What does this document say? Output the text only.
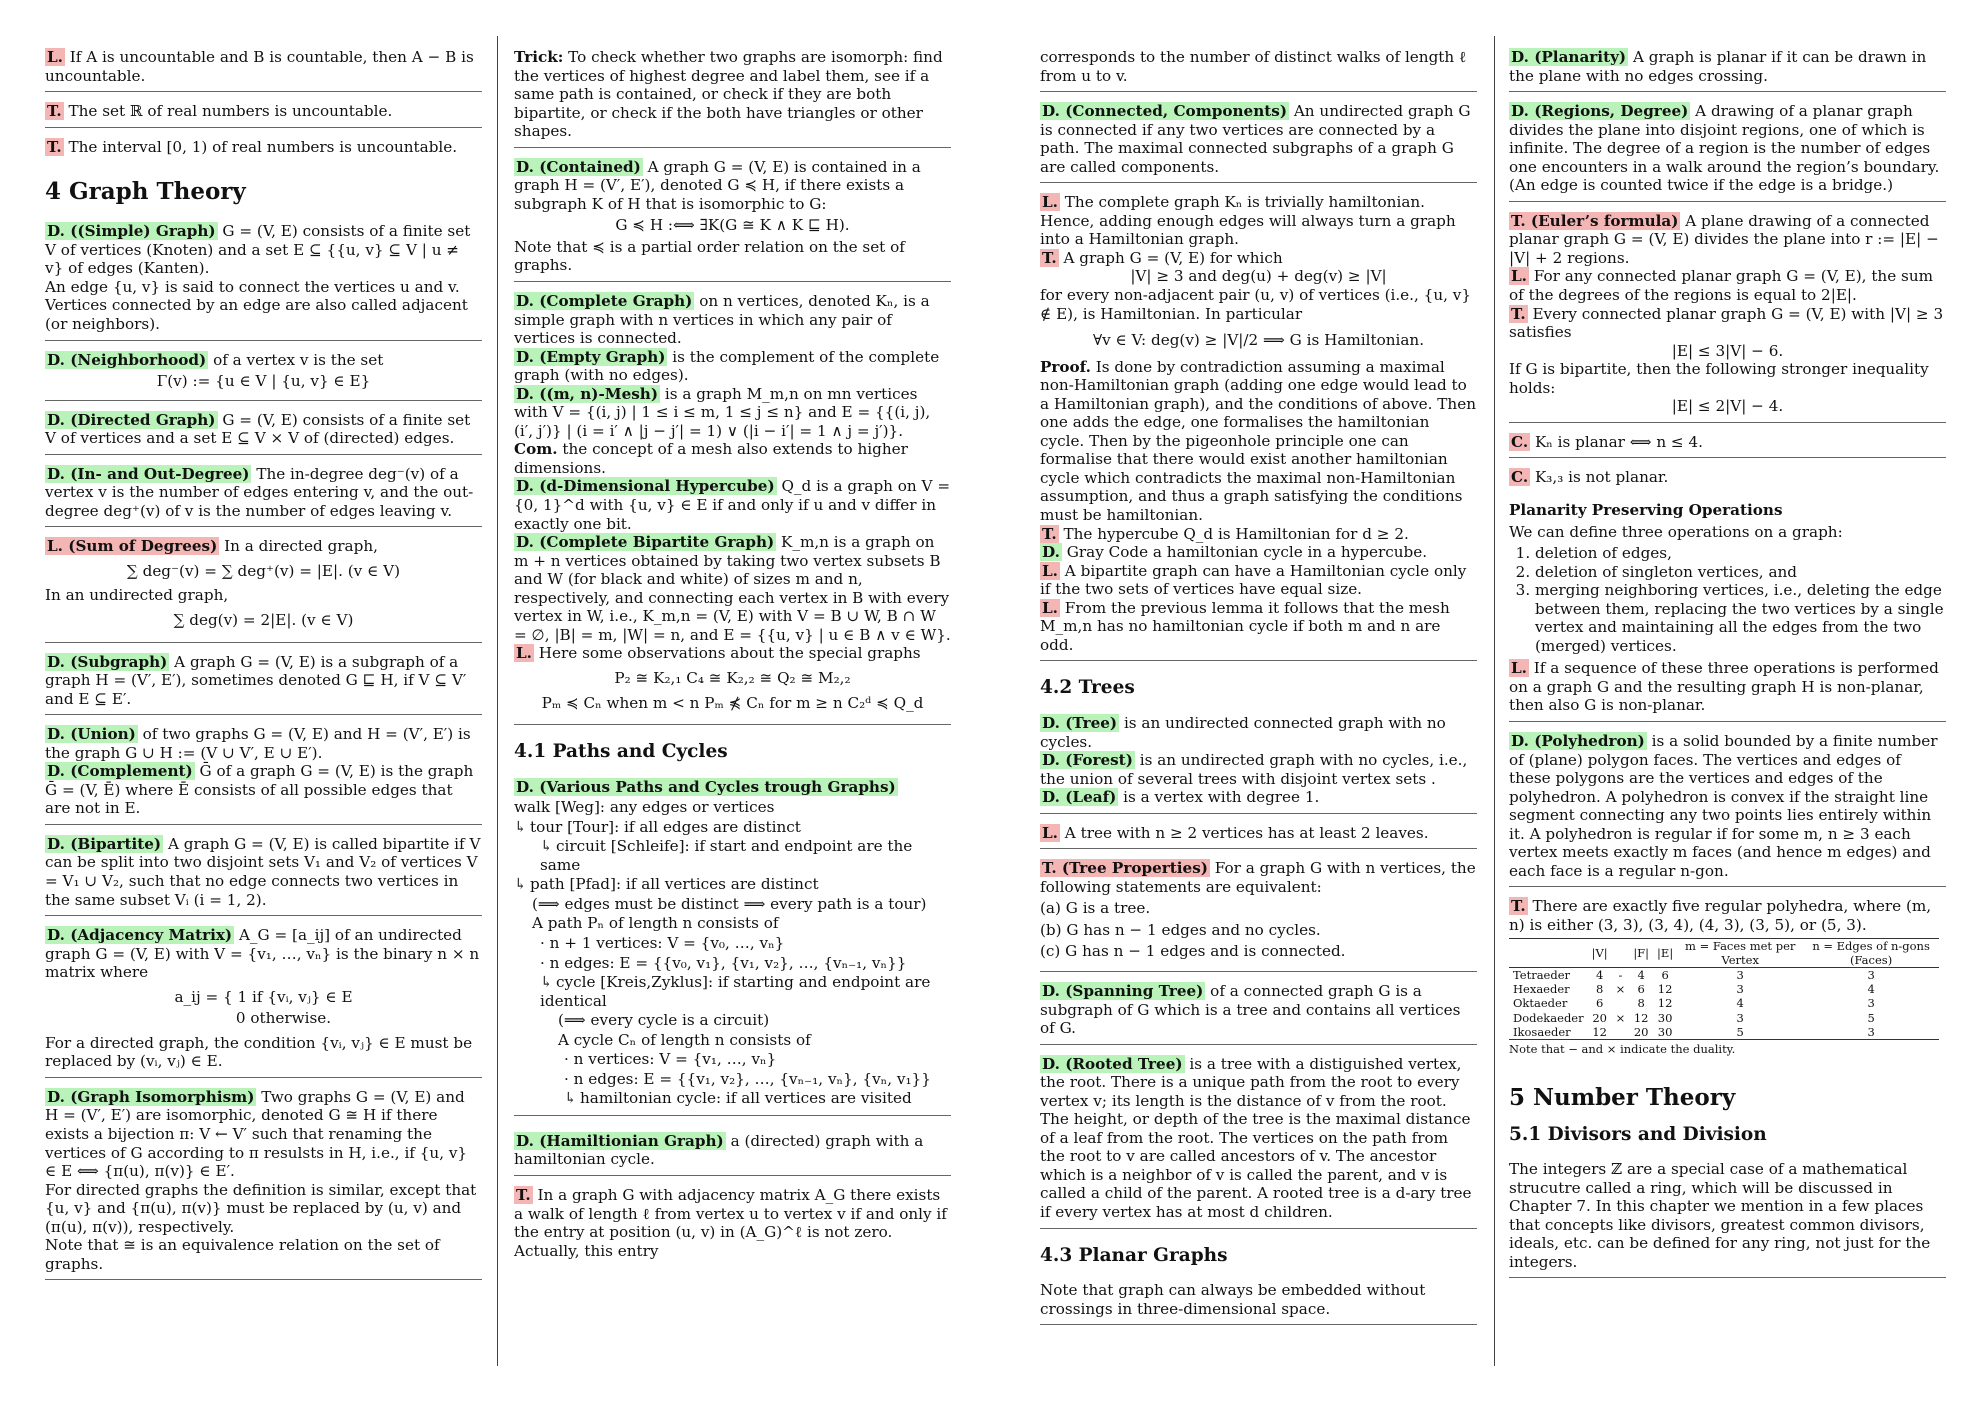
L. If A is uncountable and B is countable, then A − B is uncountable.

T. The set ℝ of real numbers is uncountable.

T. The interval [0, 1) of real numbers is uncountable.

4 Graph Theory

D. ((Simple) Graph) G = (V, E) consists of a finite set V of vertices (Knoten) and a set E ⊆ {{u, v} ⊆ V | u ≠ v} of edges (Kanten).

An edge {u, v} is said to connect the vertices u and v. Vertices connected by an edge are also called adjacent (or neighbors).

D. (Neighborhood) of a vertex v is the set

Γ(v) := {u ∈ V | {u, v} ∈ E}

D. (Directed Graph) G = (V, E) consists of a finite set V of vertices and a set E ⊆ V × V of (directed) edges.

D. (In- and Out-Degree) The in-degree deg⁻(v) of a vertex v is the number of edges entering v, and the out-degree deg⁺(v) of v is the number of edges leaving v.

L. (Sum of Degrees) In a directed graph,

∑ deg⁻(v) = ∑ deg⁺(v) = |E|. (v ∈ V)

In an undirected graph,

∑ deg(v) = 2|E|. (v ∈ V)

D. (Subgraph) A graph G = (V, E) is a subgraph of a graph H = (V′, E′), sometimes denoted G ⊑ H, if V ⊆ V′ and E ⊆ E′.

D. (Union) of two graphs G = (V, E) and H = (V′, E′) is the graph G ∪ H := (V ∪ V′, E ∪ E′).

D. (Complement) Ḡ of a graph G = (V, E) is the graph Ḡ = (V, Ē) where Ē consists of all possible edges that are not in E.

D. (Bipartite) A graph G = (V, E) is called bipartite if V can be split into two disjoint sets V₁ and V₂ of vertices V = V₁ ∪ V₂, such that no edge connects two vertices in the same subset Vᵢ (i = 1, 2).

D. (Adjacency Matrix) A_G = [a_ij] of an undirected graph G = (V, E) with V = {v₁, …, vₙ} is the binary n × n matrix where

a_ij = { 1 if {vᵢ, vⱼ} ∈ E

0 otherwise.

For a directed graph, the condition {vᵢ, vⱼ} ∈ E must be replaced by (vᵢ, vⱼ) ∈ E.

D. (Graph Isomorphism) Two graphs G = (V, E) and H = (V′, E′) are isomorphic, denoted G ≅ H if there exists a bijection π: V ← V′ such that renaming the vertices of G according to π resulsts in H, i.e., if {u, v} ∈ E ⟺ {π(u), π(v)} ∈ E′.

For directed graphs the definition is similar, except that {u, v} and {π(u), π(v)} must be replaced by (u, v) and (π(u), π(v)), respectively.

Note that ≅ is an equivalence relation on the set of graphs.

Trick: To check whether two graphs are isomorph: find the vertices of highest degree and label them, see if a same path is contained, or check if they are both bipartite, or check if the both have triangles or other shapes.

D. (Contained) A graph G = (V, E) is contained in a graph H = (V′, E′), denoted G ≼ H, if there exists a subgraph K of H that is isomorphic to G:

G ≼ H :⟺ ∃K(G ≅ K ∧ K ⊑ H).

Note that ≼ is a partial order relation on the set of graphs.

D. (Complete Graph) on n vertices, denoted Kₙ, is a simple graph with n vertices in which any pair of vertices is connected.

D. (Empty Graph) is the complement of the complete graph (with no edges).

D. ((m, n)-Mesh) is a graph M_m,n on mn vertices with V = {(i, j) | 1 ≤ i ≤ m, 1 ≤ j ≤ n} and E = {{(i, j), (i′, j′)} | (i = i′ ∧ |j − j′| = 1) ∨ (|i − i′| = 1 ∧ j = j′)}.

Com. the concept of a mesh also extends to higher dimensions.

D. (d-Dimensional Hypercube) Q_d is a graph on V = {0, 1}^d with {u, v} ∈ E if and only if u and v differ in exactly one bit.

D. (Complete Bipartite Graph) K_m,n is a graph on m + n vertices obtained by taking two vertex subsets B and W (for black and white) of sizes m and n, respectively, and connecting each vertex in B with every vertex in W, i.e., K_m,n = (V, E) with V = B ∪ W, B ∩ W = ∅, |B| = m, |W| = n, and E = {{u, v} | u ∈ B ∧ v ∈ W}.

L. Here some observations about the special graphs

P₂ ≅ K₂,₁ C₄ ≅ K₂,₂ ≅ Q₂ ≅ M₂,₂

Pₘ ≼ Cₙ when m < n Pₘ ⋠ Cₙ for m ≥ n C₂ᵈ ≼ Q_d

4.1 Paths and Cycles

D. (Various Paths and Cycles trough Graphs)

walk [Weg]: any edges or vertices
↳ tour [Tour]: if all edges are distinct
↳ circuit [Schleife]: if start and endpoint are the same
↳ path [Pfad]: if all vertices are distinct
(⟹ edges must be distinct ⟹ every path is a tour)
A path Pₙ of length n consists of
· n + 1 vertices: V = {v₀, …, vₙ}
· n edges: E = {{v₀, v₁}, {v₁, v₂}, …, {vₙ₋₁, vₙ}}
↳ cycle [Kreis,Zyklus]: if starting and endpoint are identical
(⟹ every cycle is a circuit)
A cycle Cₙ of length n consists of
· n vertices: V = {v₁, …, vₙ}
· n edges: E = {{v₁, v₂}, …, {vₙ₋₁, vₙ}, {vₙ, v₁}}
↳ hamiltonian cycle: if all vertices are visited

D. (Hamiltionian Graph) a (directed) graph with a hamiltonian cycle.

T. In a graph G with adjacency matrix A_G there exists a walk of length ℓ from vertex u to vertex v if and only if the entry at position (u, v) in (A_G)^ℓ is not zero. Actually, this entry

corresponds to the number of distinct walks of length ℓ from u to v.

D. (Connected, Components) An undirected graph G is connected if any two vertices are connected by a path. The maximal connected subgraphs of a graph G are called components.

L. The complete graph Kₙ is trivially hamiltonian. Hence, adding enough edges will always turn a graph into a Hamiltonian graph.

T. A graph G = (V, E) for which

|V| ≥ 3 and deg(u) + deg(v) ≥ |V|

for every non-adjacent pair (u, v) of vertices (i.e., {u, v} ∉ E), is Hamiltonian. In particular

∀v ∈ V: deg(v) ≥ |V|/2 ⟹ G is Hamiltonian.

Proof. Is done by contradiction assuming a maximal non-Hamiltonian graph (adding one edge would lead to a Hamiltonian graph), and the conditions of above. Then one adds the edge, one formalises the hamiltonian cycle. Then by the pigeonhole principle one can formalise that there would exist another hamiltonian cycle which contradicts the maximal non-Hamiltonian assumption, and thus a graph satisfying the conditions must be hamiltonian.

T. The hypercube Q_d is Hamiltonian for d ≥ 2.

D. Gray Code a hamiltonian cycle in a hypercube.

L. A bipartite graph can have a Hamiltonian cycle only if the two sets of vertices have equal size.

L. From the previous lemma it follows that the mesh M_m,n has no hamiltonian cycle if both m and n are odd.

4.2 Trees

D. (Tree) is an undirected connected graph with no cycles.

D. (Forest) is an undirected graph with no cycles, i.e., the union of several trees with disjoint vertex sets .

D. (Leaf) is a vertex with degree 1.

L. A tree with n ≥ 2 vertices has at least 2 leaves.

T. (Tree Properties) For a graph G with n vertices, the following statements are equivalent:

(a) G is a tree.

(b) G has n − 1 edges and no cycles.

(c) G has n − 1 edges and is connected.

D. (Spanning Tree) of a connected graph G is a subgraph of G which is a tree and contains all vertices of G.

D. (Rooted Tree) is a tree with a distiguished vertex, the root. There is a unique path from the root to every vertex v; its length is the distance of v from the root. The height, or depth of the tree is the maximal distance of a leaf from the root. The vertices on the path from the root to v are called ancestors of v. The ancestor which is a neighbor of v is called the parent, and v is called a child of the parent. A rooted tree is a d-ary tree if every vertex has at most d children.

4.3 Planar Graphs

Note that graph can always be embedded without crossings in three-dimensional space.

D. (Planarity) A graph is planar if it can be drawn in the plane with no edges crossing.

D. (Regions, Degree) A drawing of a planar graph divides the plane into disjoint regions, one of which is infinite. The degree of a region is the number of edges one encounters in a walk around the region’s boundary. (An edge is counted twice if the edge is a bridge.)

T. (Euler’s formula) A plane drawing of a connected planar graph G = (V, E) divides the plane into r := |E| − |V| + 2 regions.

L. For any connected planar graph G = (V, E), the sum of the degrees of the regions is equal to 2|E|.

T. Every connected planar graph G = (V, E) with |V| ≥ 3 satisfies

|E| ≤ 3|V| − 6.

If G is bipartite, then the following stronger inequality holds:

|E| ≤ 2|V| − 4.

C. Kₙ is planar ⟺ n ≤ 4.

C. K₃,₃ is not planar.

Planarity Preserving Operations

We can define three operations on a graph:

1. deletion of edges,
2. deletion of singleton vertices, and
3. merging neighboring vertices, i.e., deleting the edge between them, replacing the two vertices by a single vertex and maintaining all the edges from the two (merged) vertices.

L. If a sequence of these three operations is performed on a graph G and the resulting graph H is non-planar, then also G is non-planar.

D. (Polyhedron) is a solid bounded by a finite number of (plane) polygon faces. The vertices and edges of these polygons are the vertices and edges of the polyhedron. A polyhedron is convex if the straight line segment connecting any two points lies entirely within it. A polyhedron is regular if for some m, n ≥ 3 each vertex meets exactly m faces (and hence m edges) and each face is a regular n-gon.

T. There are exactly five regular polyhedra, where (m, n) is either (3, 3), (3, 4), (4, 3), (3, 5), or (5, 3).

	|V|		|F|	|E|	m = Faces met per Vertex	n = Edges of n-gons (Faces)
Tetraeder	4	-	4	6	3	3
Hexaeder	8	×	6	12	3	4
Oktaeder	6		8	12	4	3
Dodekaeder	20	×	12	30	3	5
Ikosaeder	12		20	30	5	3

Note that − and × indicate the duality.

5 Number Theory
5.1 Divisors and Division

The integers ℤ are a special case of a mathematical strucutre called a ring, which will be discussed in Chapter 7. In this chapter we mention in a few places that concepts like divisors, greatest common divisors, ideals, etc. can be defined for any ring, not just for the integers.
